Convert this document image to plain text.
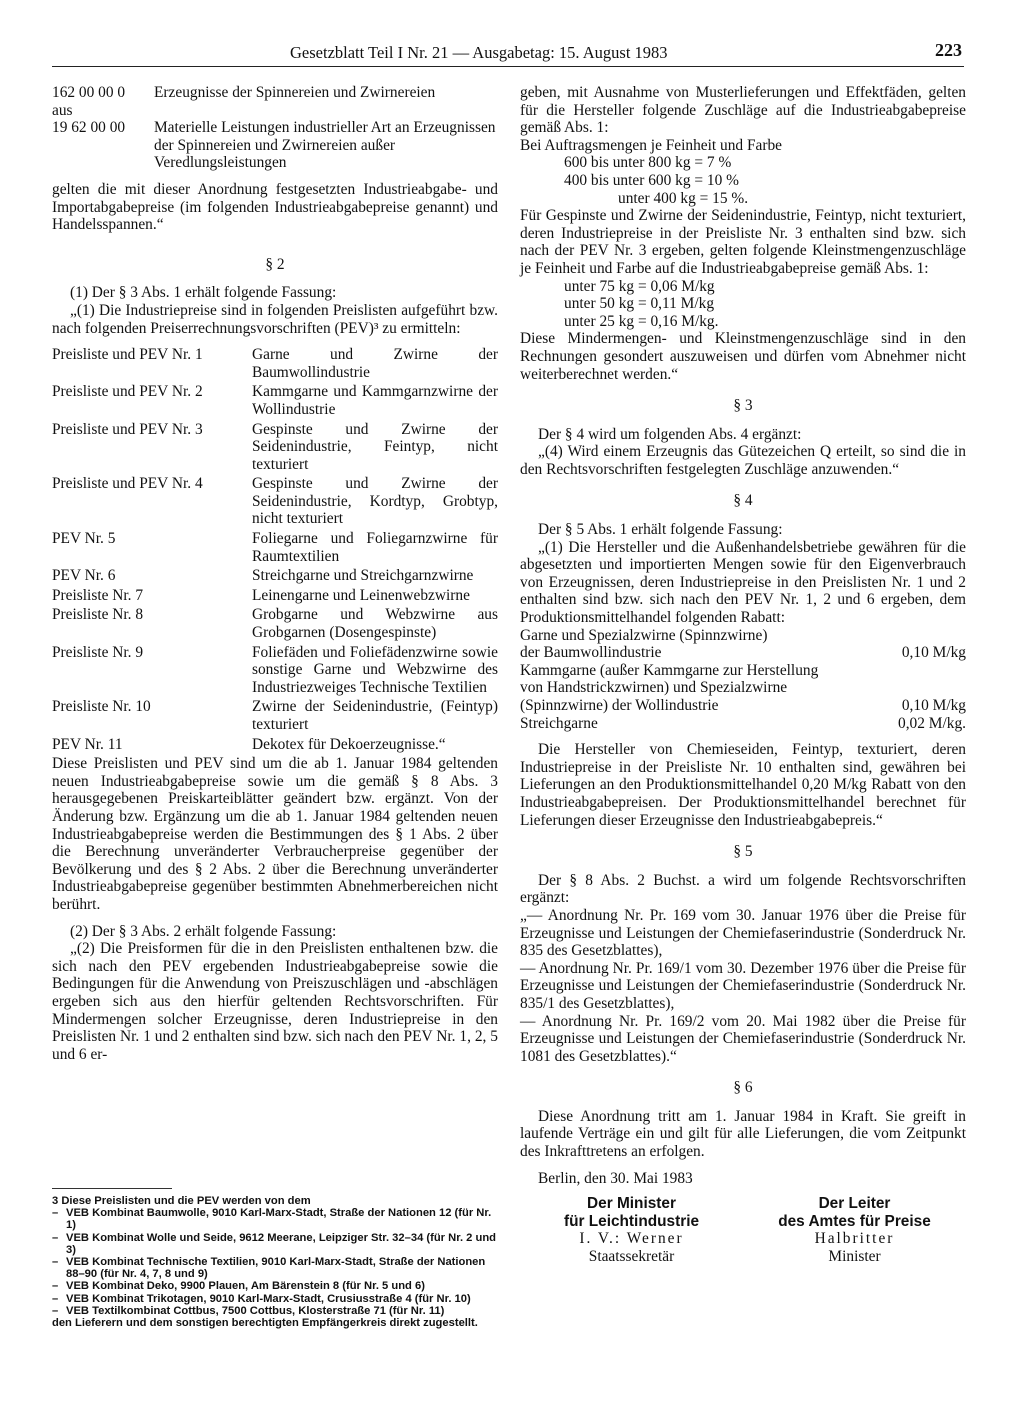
Gesetzblatt Teil I Nr. 21 — Ausgabetag: 15. August 1983	223
162 00 00 0	Erzeugnisse der Spinnereien und Zwirnereien
aus
19 62 00 00	Materielle Leistungen industrieller Art an Erzeugnissen der Spinnereien und Zwirnereien außer Veredlungsleistungen

gelten die mit dieser Anordnung festgesetzten Industrieabgabe- und Importabgabepreise (im folgenden Industrieabgabepreise genannt) und Handelsspannen.“

§ 2

(1) Der § 3 Abs. 1 erhält folgende Fassung:

„(1) Die Industriepreise sind in folgenden Preislisten aufgeführt bzw. nach folgenden Preiserrechnungsvorschriften (PEV)³ zu ermitteln:

Preisliste und PEV Nr. 1	Garne und Zwirne der Baumwollindustrie
Preisliste und PEV Nr. 2	Kammgarne und Kammgarnzwirne der Wollindustrie
Preisliste und PEV Nr. 3	Gespinste und Zwirne der Seidenindustrie, Feintyp, nicht texturiert
Preisliste und PEV Nr. 4	Gespinste und Zwirne der Seidenindustrie, Kordtyp, Grobtyp, nicht texturiert
PEV Nr. 5	Foliegarne und Foliegarnzwirne für Raumtextilien
PEV Nr. 6	Streichgarne und Streichgarnzwirne
Preisliste Nr. 7	Leinengarne und Leinenwebzwirne
Preisliste Nr. 8	Grobgarne und Webzwirne aus Grobgarnen (Dosengespinste)
Preisliste Nr. 9	Foliefäden und Foliefädenzwirne sowie sonstige Garne und Webzwirne des Industriezweiges Technische Textilien
Preisliste Nr. 10	Zwirne der Seidenindustrie, (Feintyp) texturiert
PEV Nr. 11	Dekotex für Dekoerzeugnisse.“

Diese Preislisten und PEV sind um die ab 1. Januar 1984 geltenden neuen Industrieabgabepreise sowie um die gemäß § 8 Abs. 3 herausgegebenen Preiskarteiblätter geändert bzw. ergänzt. Von der Änderung bzw. Ergänzung um die ab 1. Januar 1984 geltenden neuen Industrieabgabepreise werden die Bestimmungen des § 1 Abs. 2 über die Berechnung unveränderter Verbraucherpreise gegenüber der Bevölkerung und des § 2 Abs. 2 über die Berechnung unveränderter Industrieabgabepreise gegenüber bestimmten Abnehmerbereichen nicht berührt.

(2) Der § 3 Abs. 2 erhält folgende Fassung:

„(2) Die Preisformen für die in den Preislisten enthaltenen bzw. die sich nach den PEV ergebenden Industrieabgabepreise sowie die Bedingungen für die Anwendung von Preiszuschlägen und -abschlägen ergeben sich aus den hierfür geltenden Rechtsvorschriften. Für Mindermengen solcher Erzeugnisse, deren Industriepreise in den Preislisten Nr. 1 und 2 enthalten sind bzw. sich nach den PEV Nr. 1, 2, 5 und 6 er-

3 Diese Preislisten und die PEV werden von dem

– VEB Kombinat Baumwolle, 9010 Karl-Marx-Stadt, Straße der Nationen 12 (für Nr. 1)
– VEB Kombinat Wolle und Seide, 9612 Meerane, Leipziger Str. 32–34 (für Nr. 2 und 3)
– VEB Kombinat Technische Textilien, 9010 Karl-Marx-Stadt, Straße der Nationen 88–90 (für Nr. 4, 7, 8 und 9)
– VEB Kombinat Deko, 9900 Plauen, Am Bärenstein 8 (für Nr. 5 und 6)
– VEB Kombinat Trikotagen, 9010 Karl-Marx-Stadt, Crusiusstraße 4 (für Nr. 10)
– VEB Textilkombinat Cottbus, 7500 Cottbus, Klosterstraße 71 (für Nr. 11)

den Lieferern und dem sonstigen berechtigten Empfängerkreis direkt zugestellt.

geben, mit Ausnahme von Musterlieferungen und Effektfäden, gelten für die Hersteller folgende Zuschläge auf die Industrieabgabepreise gemäß Abs. 1:

Bei Auftragsmengen je Feinheit und Farbe

600 bis unter 800 kg = 7 %
400 bis unter 600 kg = 10 %
unter 400 kg = 15 %.

Für Gespinste und Zwirne der Seidenindustrie, Feintyp, nicht texturiert, deren Industriepreise in der Preisliste Nr. 3 enthalten sind bzw. sich nach der PEV Nr. 3 ergeben, gelten folgende Kleinstmengenzuschläge je Feinheit und Farbe auf die Industrieabgabepreise gemäß Abs. 1:

unter 75 kg = 0,06 M/kg
unter 50 kg = 0,11 M/kg
unter 25 kg = 0,16 M/kg.

Diese Mindermengen- und Kleinstmengenzuschläge sind in den Rechnungen gesondert auszuweisen und dürfen vom Abnehmer nicht weiterberechnet werden.“

§ 3

Der § 4 wird um folgenden Abs. 4 ergänzt:

„(4) Wird einem Erzeugnis das Gütezeichen Q erteilt, so sind die in den Rechtsvorschriften festgelegten Zuschläge anzuwenden.“

§ 4

Der § 5 Abs. 1 erhält folgende Fassung:

„(1) Die Hersteller und die Außenhandelsbetriebe gewähren für die abgesetzten und importierten Mengen sowie für den Eigenverbrauch von Erzeugnissen, deren Industriepreise in den Preislisten Nr. 1 und 2 enthalten sind bzw. sich nach den PEV Nr. 1, 2 und 6 ergeben, dem Produktionsmittelhandel folgenden Rabatt:

Garne und Spezialzwirne (Spinnzwirne)
der Baumwollindustrie	0,10 M/kg
Kammgarne (außer Kammgarne zur Herstellung
von Handstrickzwirnen) und Spezialzwirne
(Spinnzwirne) der Wollindustrie	0,10 M/kg
Streichgarne	0,02 M/kg.

Die Hersteller von Chemieseiden, Feintyp, texturiert, deren Industriepreise in der Preisliste Nr. 10 enthalten sind, gewähren bei Lieferungen an den Produktionsmittelhandel 0,20 M/kg Rabatt von den Industrieabgabepreisen. Der Produktionsmittelhandel berechnet für Lieferungen dieser Erzeugnisse den Industrieabgabepreis.“

§ 5

Der § 8 Abs. 2 Buchst. a wird um folgende Rechtsvorschriften ergänzt:

„— Anordnung Nr. Pr. 169 vom 30. Januar 1976 über die Preise für Erzeugnisse und Leistungen der Chemiefaserindustrie (Sonderdruck Nr. 835 des Gesetzblattes),

— Anordnung Nr. Pr. 169/1 vom 30. Dezember 1976 über die Preise für Erzeugnisse und Leistungen der Chemiefaserindustrie (Sonderdruck Nr. 835/1 des Gesetzblattes),

— Anordnung Nr. Pr. 169/2 vom 20. Mai 1982 über die Preise für Erzeugnisse und Leistungen der Chemiefaserindustrie (Sonderdruck Nr. 1081 des Gesetzblattes).“

§ 6

Diese Anordnung tritt am 1. Januar 1984 in Kraft. Sie greift in laufende Verträge ein und gilt für alle Lieferungen, die vom Zeitpunkt des Inkrafttretens an erfolgen.

Berlin, den 30. Mai 1983

Der Minister
für Leichtindustrie
I. V.: Werner
Staatssekretär
Der Leiter
des Amtes für Preise
Halbritter
Minister
